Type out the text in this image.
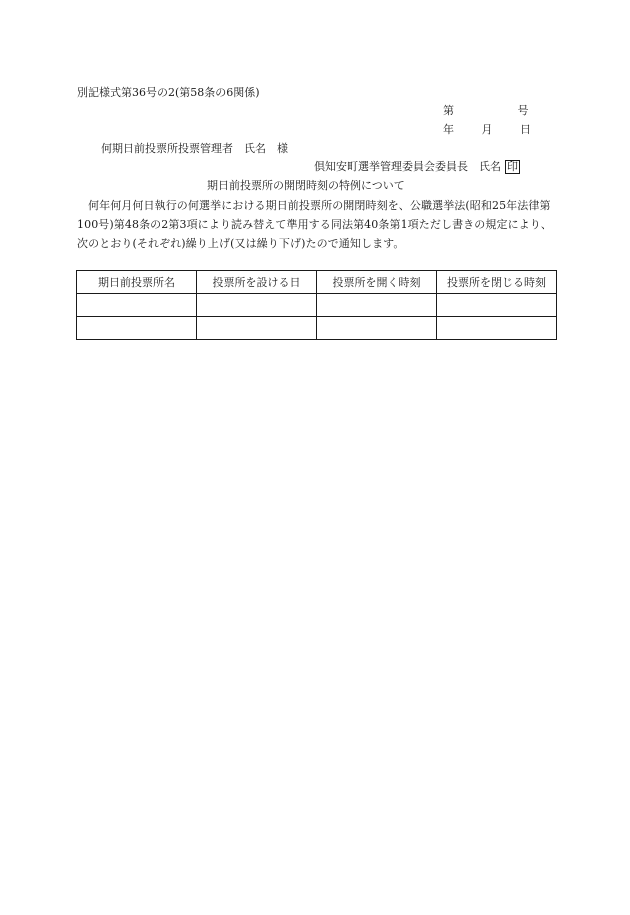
別記様式第36号の2(第58条の6関係)
第	号
年	月	日
何期日前投票所投票管理者　氏名　様
倶知安町選挙管理委員会委員長　氏名 印
期日前投票所の開閉時刻の特例について
何年何月何日執行の何選挙における期日前投票所の開閉時刻を、公職選挙法(昭和25年法律第100号)第48条の2第3項により読み替えて準用する同法第40条第1項ただし書きの規定により、次のとおり(それぞれ)繰り上げ(又は繰り下げ)たので通知します。
期日前投票所名	投票所を設ける日	投票所を開く時刻	投票所を閉じる時刻
